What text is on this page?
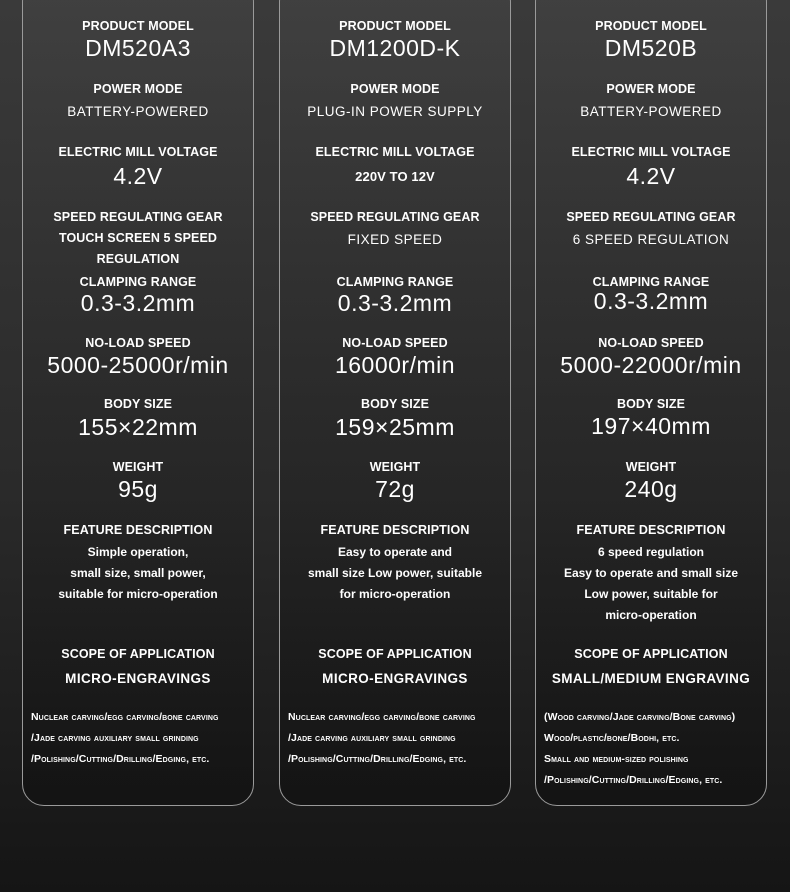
PRODUCT MODEL
DM520A3
POWER MODE
BATTERY-POWERED
ELECTRIC MILL VOLTAGE
4.2V
SPEED REGULATING GEAR
TOUCH SCREEN 5 SPEED
REGULATION
CLAMPING RANGE
0.3-3.2mm
NO-LOAD SPEED
5000-25000r/min
BODY SIZE
155×22mm
WEIGHT
95g
FEATURE DESCRIPTION
Simple operation,
small size, small power,
suitable for micro-operation
SCOPE OF APPLICATION
MICRO-ENGRAVINGS
Nuclear carving/egg carving/bone carving
/Jade carving auxiliary small grinding
/Polishing/Cutting/Drilling/Edging, etc.
PRODUCT MODEL
DM1200D-K
POWER MODE
PLUG-IN POWER SUPPLY
ELECTRIC MILL VOLTAGE
220V TO 12V
SPEED REGULATING GEAR
FIXED SPEED
CLAMPING RANGE
0.3-3.2mm
NO-LOAD SPEED
16000r/min
BODY SIZE
159×25mm
WEIGHT
72g
FEATURE DESCRIPTION
Easy to operate and
small size Low power, suitable
for micro-operation
SCOPE OF APPLICATION
MICRO-ENGRAVINGS
Nuclear carving/egg carving/bone carving
/Jade carving auxiliary small grinding
/Polishing/Cutting/Drilling/Edging, etc.
PRODUCT MODEL
DM520B
POWER MODE
BATTERY-POWERED
ELECTRIC MILL VOLTAGE
4.2V
SPEED REGULATING GEAR
6 SPEED REGULATION
CLAMPING RANGE
0.3-3.2mm
NO-LOAD SPEED
5000-22000r/min
BODY SIZE
197×40mm
WEIGHT
240g
FEATURE DESCRIPTION
6 speed regulation
Easy to operate and small size
Low power, suitable for
micro-operation
SCOPE OF APPLICATION
SMALL/MEDIUM ENGRAVING
(Wood carving/Jade carving/Bone carving)
Wood/plastic/bone/Bodhi, etc.
Small and medium-sized polishing
/Polishing/Cutting/Drilling/Edging, etc.
